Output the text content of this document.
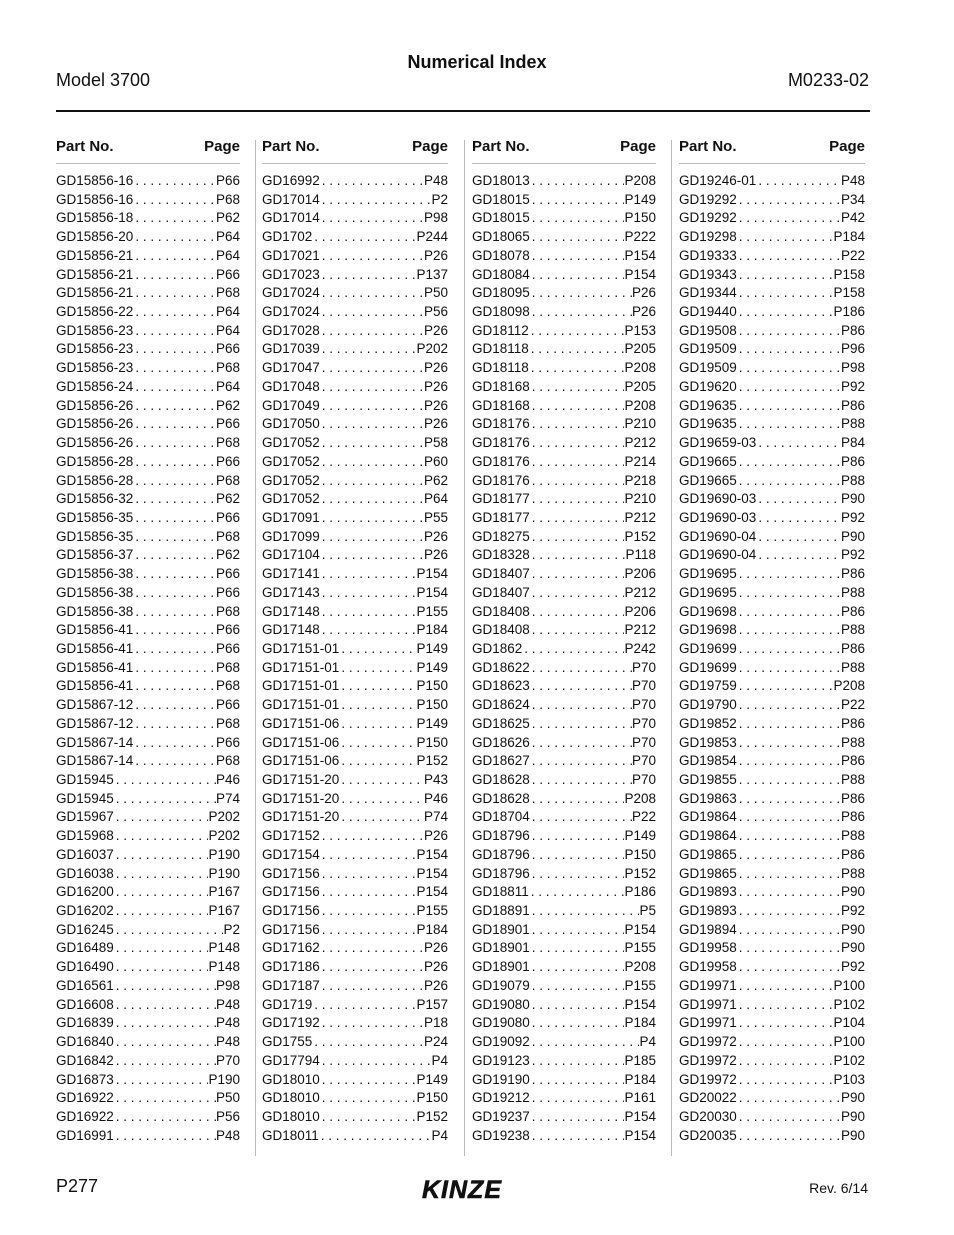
Numerical Index
Model 3700	M0233-02
Part No.	Page
GD15856-16 . . .	P66
GD15856-16 . . .	P68
GD15856-18 . . .	P62
GD15856-20 . . .	P64
GD15856-21 . . .	P64
GD15856-21 . . .	P66
GD15856-21 . . .	P68
GD15856-22 . . .	P64
GD15856-23 . . .	P64
GD15856-23 . . .	P66
GD15856-23 . . .	P68
GD15856-24 . . .	P64
GD15856-26 . . .	P62
GD15856-26 . . .	P66
GD15856-26 . . .	P68
GD15856-28 . . .	P66
GD15856-28 . . .	P68
GD15856-32 . . .	P62
GD15856-35 . . .	P66
GD15856-35 . . .	P68
GD15856-37 . . .	P62
GD15856-38 . . .	P66
GD15856-38 . . .	P66
GD15856-38 . . .	P68
GD15856-41 . . .	P66
GD15856-41 . . .	P66
GD15856-41 . . .	P68
GD15856-41 . . .	P68
GD15867-12 . . .	P66
GD15867-12 . . .	P68
GD15867-14 . . .	P66
GD15867-14 . . .	P68
GD15945 . . .	P46
GD15945 . . .	P74
GD15967 . . .	P202
GD15968 . . .	P202
GD16037 . . .	P190
GD16038 . . .	P190
GD16200 . . .	P167
GD16202 . . .	P167
GD16245 . . .	P2
GD16489 . . .	P148
GD16490 . . .	P148
GD16561 . . .	P98
GD16608 . . .	P48
GD16839 . . .	P48
GD16840 . . .	P48
GD16842 . . .	P70
GD16873 . . .	P190
GD16922 . . .	P50
GD16922 . . .	P56
GD16991 . . .	P48
Part No.	Page
GD16992 . . .	P48
GD17014 . . .	P2
GD17014 . . .	P98
GD1702 . . .	P244
GD17021 . . .	P26
GD17023 . . .	P137
GD17024 . . .	P50
GD17024 . . .	P56
GD17028 . . .	P26
GD17039 . . .	P202
GD17047 . . .	P26
GD17048 . . .	P26
GD17049 . . .	P26
GD17050 . . .	P26
GD17052 . . .	P58
GD17052 . . .	P60
GD17052 . . .	P62
GD17052 . . .	P64
GD17091 . . .	P55
GD17099 . . .	P26
GD17104 . . .	P26
GD17141 . . .	P154
GD17143 . . .	P154
GD17148 . . .	P155
GD17148 . . .	P184
GD17151-01 . . .	P149
GD17151-01 . . .	P149
GD17151-01 . . .	P150
GD17151-01 . . .	P150
GD17151-06 . . .	P149
GD17151-06 . . .	P150
GD17151-06 . . .	P152
GD17151-20 . . .	P43
GD17151-20 . . .	P46
GD17151-20 . . .	P74
GD17152 . . .	P26
GD17154 . . .	P154
GD17156 . . .	P154
GD17156 . . .	P154
GD17156 . . .	P155
GD17156 . . .	P184
GD17162 . . .	P26
GD17186 . . .	P26
GD17187 . . .	P26
GD1719 . . .	P157
GD17192 . . .	P18
GD1755 . . .	P24
GD17794 . . .	P4
GD18010 . . .	P149
GD18010 . . .	P150
GD18010 . . .	P152
GD18011 . . .	P4
Part No.	Page
GD18013 . . .	P208
GD18015 . . .	P149
GD18015 . . .	P150
GD18065 . . .	P222
GD18078 . . .	P154
GD18084 . . .	P154
GD18095 . . .	P26
GD18098 . . .	P26
GD18112 . . .	P153
GD18118 . . .	P205
GD18118 . . .	P208
GD18168 . . .	P205
GD18168 . . .	P208
GD18176 . . .	P210
GD18176 . . .	P212
GD18176 . . .	P214
GD18176 . . .	P218
GD18177 . . .	P210
GD18177 . . .	P212
GD18275 . . .	P152
GD18328 . . .	P118
GD18407 . . .	P206
GD18407 . . .	P212
GD18408 . . .	P206
GD18408 . . .	P212
GD1862 . . .	P242
GD18622 . . .	P70
GD18623 . . .	P70
GD18624 . . .	P70
GD18625 . . .	P70
GD18626 . . .	P70
GD18627 . . .	P70
GD18628 . . .	P70
GD18628 . . .	P208
GD18704 . . .	P22
GD18796 . . .	P149
GD18796 . . .	P150
GD18796 . . .	P152
GD18811 . . .	P186
GD18891 . . .	P5
GD18901 . . .	P154
GD18901 . . .	P155
GD18901 . . .	P208
GD19079 . . .	P155
GD19080 . . .	P154
GD19080 . . .	P184
GD19092 . . .	P4
GD19123 . . .	P185
GD19190 . . .	P184
GD19212 . . .	P161
GD19237 . . .	P154
GD19238 . . .	P154
Part No.	Page
GD19246-01 . . .	P48
GD19292 . . .	P34
GD19292 . . .	P42
GD19298 . . .	P184
GD19333 . . .	P22
GD19343 . . .	P158
GD19344 . . .	P158
GD19440 . . .	P186
GD19508 . . .	P86
GD19509 . . .	P96
GD19509 . . .	P98
GD19620 . . .	P92
GD19635 . . .	P86
GD19635 . . .	P88
GD19659-03 . . .	P84
GD19665 . . .	P86
GD19665 . . .	P88
GD19690-03 . . .	P90
GD19690-03 . . .	P92
GD19690-04 . . .	P90
GD19690-04 . . .	P92
GD19695 . . .	P86
GD19695 . . .	P88
GD19698 . . .	P86
GD19698 . . .	P88
GD19699 . . .	P86
GD19699 . . .	P88
GD19759 . . .	P208
GD19790 . . .	P22
GD19852 . . .	P86
GD19853 . . .	P88
GD19854 . . .	P86
GD19855 . . .	P88
GD19863 . . .	P86
GD19864 . . .	P86
GD19864 . . .	P88
GD19865 . . .	P86
GD19865 . . .	P88
GD19893 . . .	P90
GD19893 . . .	P92
GD19894 . . .	P90
GD19958 . . .	P90
GD19958 . . .	P92
GD19971 . . .	P100
GD19971 . . .	P102
GD19971 . . .	P104
GD19972 . . .	P100
GD19972 . . .	P102
GD19972 . . .	P103
GD20022 . . .	P90
GD20030 . . .	P90
GD20035 . . .	P90
P277	KINZE	Rev. 6/14
